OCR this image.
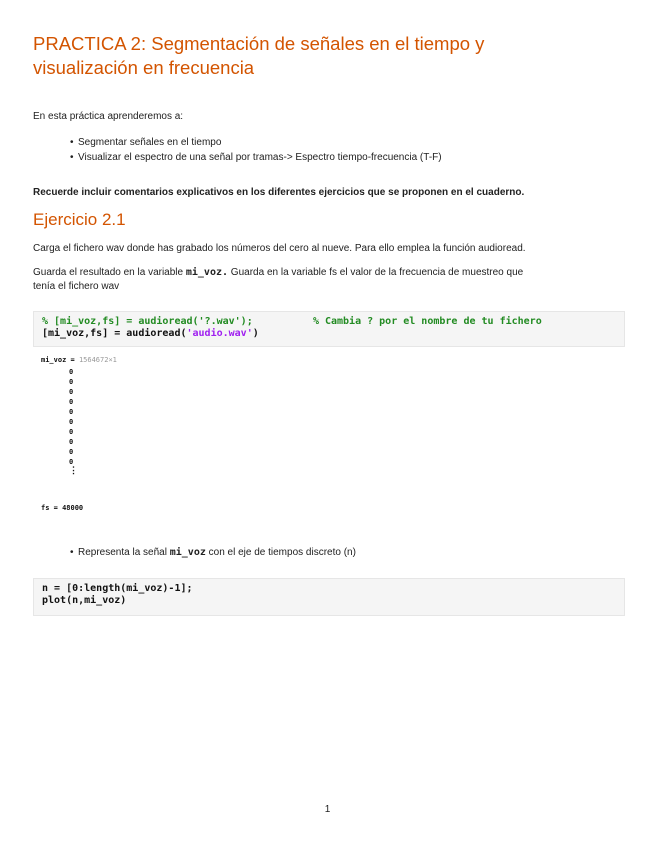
PRACTICA 2: Segmentación de señales en el tiempo y visualización en frecuencia

En esta práctica aprenderemos a:

• Segmentar señales en el tiempo
• Visualizar el espectro de una señal por tramas-> Espectro tiempo-frecuencia (T-F)

Recuerde incluir comentarios explicativos en los diferentes ejercicios que se proponen en el cuaderno.

Ejercicio 2.1

Carga el fichero wav donde has grabado los números del cero al nueve. Para ello emplea la función audioread.

Guarda el resultado en la variable mi_voz. Guarda en la variable fs el valor de la frecuencia de muestreo que
tenía el fichero wav

% [mi_voz,fs] = audioread('?.wav');	% Cambia ? por el nombre de tu fichero
[mi_voz,fs] = audioread('audio.wav')
mi_voz = 1564672×1
0
0
0
0
0
0
0
0
0
0
⋮
fs = 48000
• Representa la señal mi_voz con el eje de tiempos discreto (n)
n = [0:length(mi_voz)-1];
plot(n,mi_voz)
1
